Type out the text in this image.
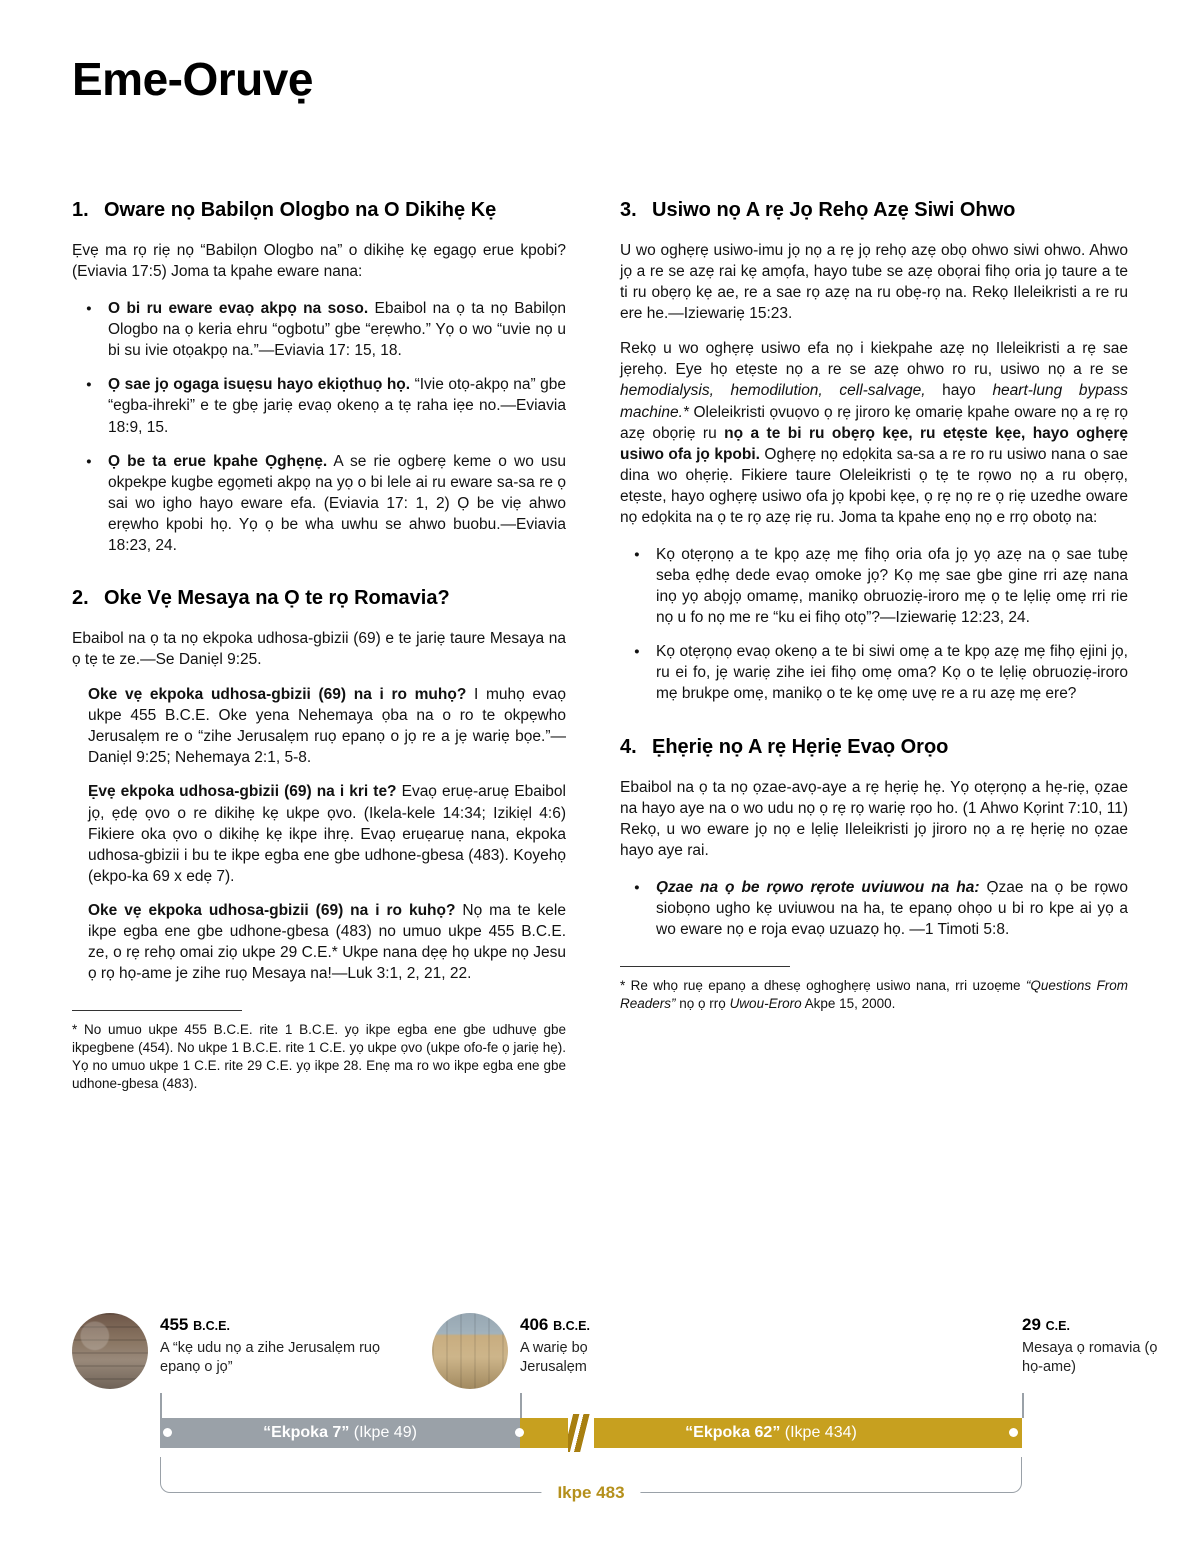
Eme-Oruvẹ
1. Oware nọ Babilọn Ologbo na O Dikihẹ Kẹ

Ẹvẹ ma rọ riẹ nọ “Babilọn Ologbo na” o dikihẹ kẹ egagọ erue kpobi? (Eviavia 17:5) Joma ta kpahe eware nana:

● O bi ru eware evaọ akpọ na soso. Ebaibol na ọ ta nọ Babilọn Ologbo na ọ keria ehru “ogbotu” gbe “erẹwho.” Yọ o wo “uvie nọ u bi su ivie otọakpọ na.”—Eviavia 17: 15, 18.
● Ọ sae jọ ogaga isuẹsu hayo ekiọthuọ họ. “Ivie otọ-akpọ na” gbe “egba-ihreki” e te gbẹ jariẹ evaọ okenọ a tẹ raha iẹe no.—Eviavia 18:9, 15.
● Ọ be ta erue kpahe Ọghẹnẹ. A se rie ogberẹ keme o wo usu okpekpe kugbe egọmeti akpọ na yọ o bi lele ai ru eware sa-sa re ọ sai wo igho hayo eware efa. (Eviavia 17: 1, 2) Ọ be viẹ ahwo erẹwho kpobi họ. Yọ ọ be wha uwhu se ahwo buobu.—Eviavia 18:23, 24.
2. Oke Vẹ Mesaya na Ọ te rọ Romavia?

Ebaibol na ọ ta nọ ekpoka udhosa-gbizii (69) e te jariẹ taure Mesaya na ọ tẹ te ze.—Se Daniẹl 9:25.

Oke vẹ ekpoka udhosa-gbizii (69) na i ro muhọ? I muhọ evaọ ukpe 455 B.C.E. Oke yena Nehemaya ọba na o ro te okpẹwho Jerusalẹm re o “zihe Jerusalẹm ruọ epanọ o jọ re a jẹ wariẹ bọe.”—Daniẹl 9:25; Nehemaya 2:1, 5-8.

Ẹvẹ ekpoka udhosa-gbizii (69) na i kri te? Evaọ eruẹ-aruẹ Ebaibol jọ, ẹdẹ ọvo o re dikihẹ kẹ ukpe ọvo. (Ikela-kele 14:34; Izikiẹl 4:6) Fikiere oka ọvo o dikihẹ kẹ ikpe ihrẹ. Evaọ eruẹaruẹ nana, ekpoka udhosa-gbizii i bu te ikpe egba ene gbe udhone-gbesa (483). Koyehọ (ekpo-ka 69 x edẹ 7).

Oke vẹ ekpoka udhosa-gbizii (69) na i ro kuhọ? Nọ ma te kele ikpe egba ene gbe udhone-gbesa (483) no umuo ukpe 455 B.C.E. ze, o rẹ rehọ omai ziọ ukpe 29 C.E.* Ukpe nana dẹẹ họ ukpe nọ Jesu ọ rọ họ-ame je zihe ruọ Mesaya na!—Luk 3:1, 2, 21, 22.

* No umuo ukpe 455 B.C.E. rite 1 B.C.E. yọ ikpe egba ene gbe udhuvẹ gbe ikpegbene (454). No ukpe 1 B.C.E. rite 1 C.E. yọ ukpe ọvo (ukpe ofo-fe ọ jariẹ hẹ). Yọ no umuo ukpe 1 C.E. rite 29 C.E. yọ ikpe 28. Enẹ ma ro wo ikpe egba ene gbe udhone-gbesa (483).

3. Usiwo nọ A rẹ Jọ Rehọ Azẹ Siwi Ohwo

U wo oghẹrẹ usiwo-imu jọ nọ a rẹ jọ rehọ azẹ obọ ohwo siwi ohwo. Ahwo jọ a re se azẹ rai kẹ amọfa, hayo tube se azẹ obọrai fihọ oria jọ taure a te ti ru obẹrọ kẹ ae, re a sae rọ azẹ na ru obẹ-rọ na. Rekọ Ileleikristi a re ru ere he.—Iziewariẹ 15:23.

Rekọ u wo oghẹrẹ usiwo efa nọ i kiekpahe azẹ nọ Ileleikristi a rẹ sae jẹrehọ. Eye họ etẹste nọ a re se azẹ ohwo ro ru, usiwo nọ a re se hemodialysis, hemodilution, cell-salvage, hayo heart-lung bypass machine.* Oleleikristi ọvuọvo ọ rẹ jiroro kẹ omariẹ kpahe oware nọ a rẹ rọ azẹ obọriẹ ru nọ a te bi ru obẹrọ kẹe, ru etẹste kẹe, hayo oghẹrẹ usiwo ofa jọ kpobi. Oghẹrẹ nọ edọkita sa-sa a re ro ru usiwo nana o sae dina wo ohẹriẹ. Fikiere taure Oleleikristi ọ tẹ te rọwo nọ a ru obẹrọ, etẹste, hayo oghẹrẹ usiwo ofa jọ kpobi kẹe, ọ rẹ nọ re ọ riẹ uzedhe oware nọ edọkita na ọ te rọ azẹ riẹ ru. Joma ta kpahe enọ nọ e rrọ obotọ na:

● Kọ otẹrọnọ a te kpọ azẹ mẹ fihọ oria ofa jọ yọ azẹ na ọ sae tubẹ seba ẹdhẹ dede evaọ omoke jọ? Kọ mẹ sae gbe gine rri azẹ nana inọ yọ abọjọ omamẹ, manikọ obruoziẹ-iroro mẹ ọ te lẹliẹ omẹ rri rie nọ u fo nọ me re “ku ei fihọ otọ”?—Iziewariẹ 12:23, 24.
● Kọ otẹrọnọ evaọ okenọ a te bi siwi omẹ a te kpọ azẹ mẹ fihọ ẹjini jọ, ru ei fo, jẹ wariẹ zihe iei fihọ omẹ oma? Kọ o te lẹliẹ obruoziẹ-iroro mẹ brukpe omẹ, manikọ o te kẹ omẹ uvẹ re a ru azẹ mẹ ere?
4. Ẹhẹriẹ nọ A rẹ Hẹriẹ Evaọ Orọo

Ebaibol na ọ ta nọ ọzae-avọ-aye a rẹ hẹriẹ hẹ. Yọ otẹrọnọ a hẹ-riẹ, ọzae na hayo aye na o wo udu nọ ọ rẹ rọ wariẹ rọo ho. (1 Ahwo Kọrint 7:10, 11) Rekọ, u wo eware jọ nọ e lẹliẹ Ileleikristi jọ jiroro nọ a rẹ hẹriẹ no ọzae hayo aye rai.

● Ọzae na ọ be rọwo rẹrote uviuwou na ha: Ọzae na ọ be rọwo siobọno ugho kẹ uviuwou na ha, te epanọ ohọo u bi ro kpe ai yọ a wo eware nọ e roja evaọ uzuazọ họ. —1 Timoti 5:8.

* Re whọ ruẹ epanọ a dhesẹ oghoghẹrẹ usiwo nana, rri uzoẹme “Questions From Readers” nọ ọ rrọ Uwou-Eroro Akpe 15, 2000.

455 B.C.E.
A “kẹ udu nọ a zihe Jerusalẹm ruọ epanọ o jọ”
406 B.C.E.
A wariẹ bọ Jerusalẹm
29 C.E.
Mesaya ọ romavia (ọ họ-ame)
“Ekpoka 7” (Ikpe 49)	“Ekpoka 62” (Ikpe 434)
Ikpe 483
